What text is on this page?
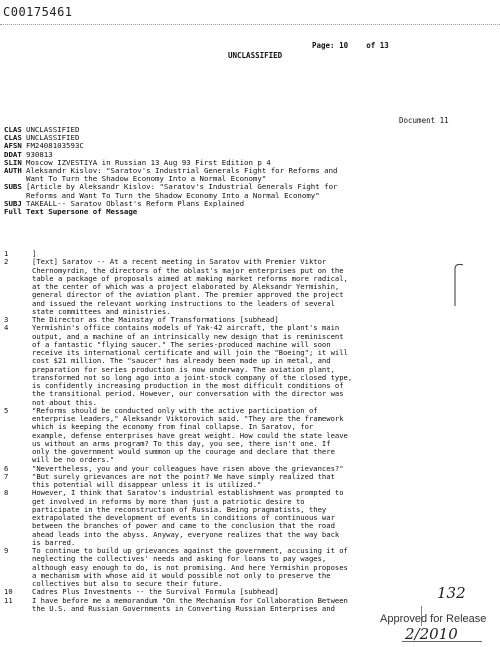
C00175461
Page: 10 of 13
UNCLASSIFIED
Document 11
CLAS UNCLASSIFIED
CLAS UNCLASSIFIED
AFSN FM2408103593C
DDAT 930813
SLIN Moscow IZVESTIYA in Russian 13 Aug 93 First Edition p 4
AUTH Aleksandr Kislov: "Saratov's Industrial Generals Fight for Reforms and
Want To Turn the Shadow Economy Into a Normal Economy"
SUBS [Article by Aleksandr Kislov: "Saratov's Industrial Generals Fight for
Reforms and Want To Turn the Shadow Economy Into a Normal Economy"
SUBJ TAKEALL-- Saratov Oblast's Reform Plans Explained
Full Text Supersone of Message
1	]
2	[Text] Saratov -- At a recent meeting in Saratov with Premier Viktor
Chernomyrdin, the directors of the oblast's major enterprises put on the
table a package of proposals aimed at making market reforms more radical,
at the center of which was a project elaborated by Aleksandr Yermishin,
general director of the aviation plant. The premier approved the project
and issued the relevant working instructions to the leaders of several
state committees and ministries.
3	The Director as the Mainstay of Transformations [subhead]
4	Yermishin's office contains models of Yak-42 aircraft, the plant's main
output, and a machine of an intrinsically new design that is reminiscent
of a fantastic "flying saucer." The series-produced machine will soon
receive its international certificate and will join the "Boeing"; it will
cost $21 million. The "saucer" has already been made up in metal, and
preparation for series production is now underway. The aviation plant,
transformed not so long ago into a joint-stock company of the closed type,
is confidently increasing production in the most difficult conditions of
the transitional period. However, our conversation with the director was
not about this.
5	"Reforms should be conducted only with the active participation of
enterprise leaders," Aleksandr Viktorovich said. "They are the framework
which is keeping the economy from final collapse. In Saratov, for
example, defense enterprises have great weight. How could the state leave
us without an arms program? To this day, you see, there isn't one. If
only the government would summon up the courage and declare that there
will be no orders."
6	"Nevertheless, you and your colleagues have risen above the grievances?"
7	"But surely grievances are not the point? We have simply realized that
this potential will disappear unless it is utilized."
8	However, I think that Saratov's industrial establishment was prompted to
get involved in reforms by more than just a patriotic desire to
participate in the reconstruction of Russia. Being pragmatists, they
extrapolated the development of events in conditions of continuous war
between the branches of power and came to the conclusion that the road
ahead leads into the abyss. Anyway, everyone realizes that the way back
is barred.
9	To continue to build up grievances against the government, accusing it of
neglecting the collectives' needs and asking for loans to pay wages,
although easy enough to do, is not promising. And here Yermishin proposes
a mechanism with whose aid it would possible not only to preserve the
collectives but also to secure their future.
10	Cadres Plus Investments -- the Survival Formula [subhead]
11	I have before me a memorandum "On the Mechanism for Collaboration Between
the U.S. and Russian Governments in Converting Russian Enterprises and
132
Approved for Release
2/2010
